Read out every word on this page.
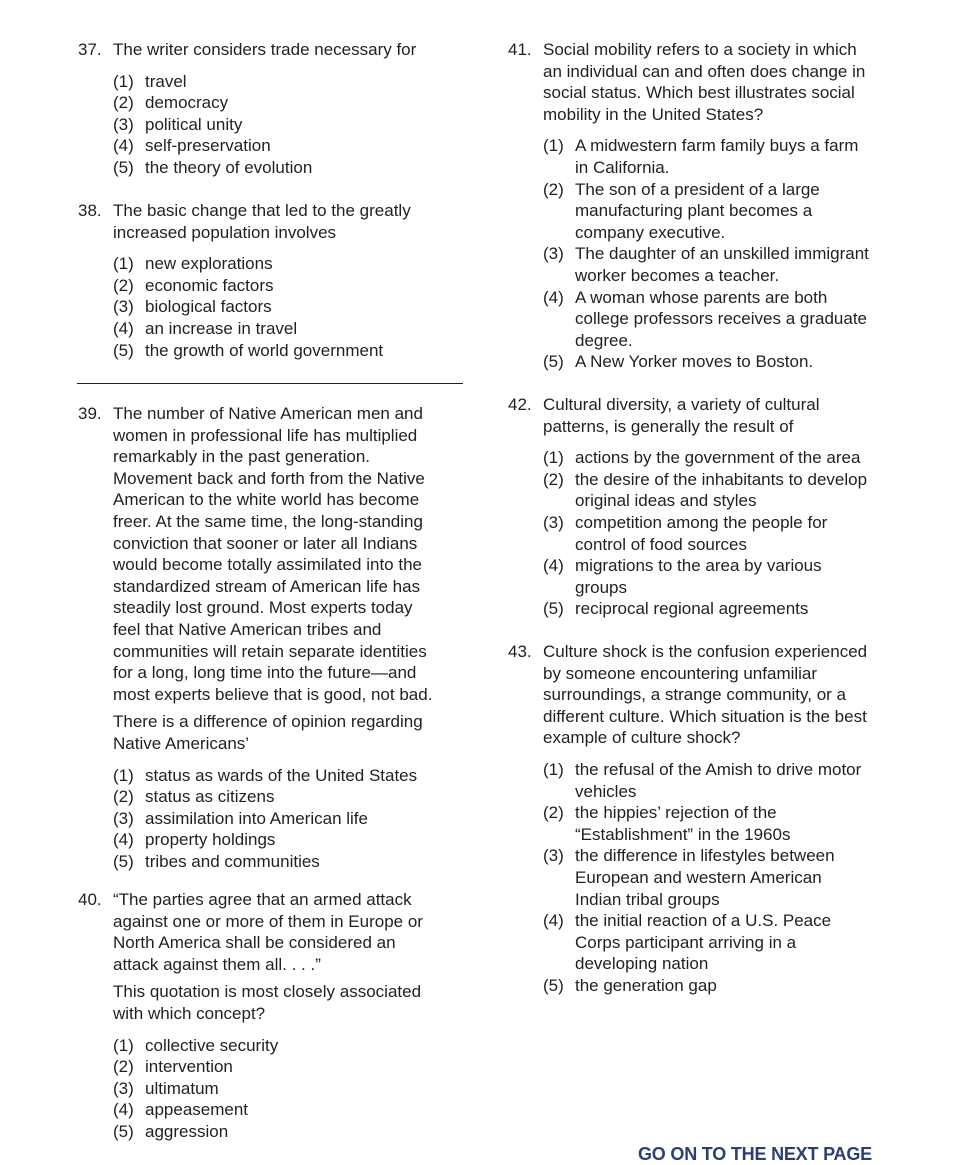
37. The writer considers trade necessary for
(1) travel
(2) democracy
(3) political unity
(4) self-preservation
(5) the theory of evolution
38. The basic change that led to the greatly
increased population involves
(1) new explorations
(2) economic factors
(3) biological factors
(4) an increase in travel
(5) the growth of world government
39. The number of Native American men and
women in professional life has multiplied
remarkably in the past generation.
Movement back and forth from the Native
American to the white world has become
freer. At the same time, the long-standing
conviction that sooner or later all Indians
would become totally assimilated into the
standardized stream of American life has
steadily lost ground. Most experts today
feel that Native American tribes and
communities will retain separate identities
for a long, long time into the future—and
most experts believe that is good, not bad.
There is a difference of opinion regarding
Native Americans’
(1) status as wards of the United States
(2) status as citizens
(3) assimilation into American life
(4) property holdings
(5) tribes and communities
40. “The parties agree that an armed attack
against one or more of them in Europe or
North America shall be considered an
attack against them all. . . .”
This quotation is most closely associated
with which concept?
(1) collective security
(2) intervention
(3) ultimatum
(4) appeasement
(5) aggression
41. Social mobility refers to a society in which
an individual can and often does change in
social status. Which best illustrates social
mobility in the United States?
(1) A midwestern farm family buys a farm
in California.
(2) The son of a president of a large
manufacturing plant becomes a
company executive.
(3) The daughter of an unskilled immigrant
worker becomes a teacher.
(4) A woman whose parents are both
college professors receives a graduate
degree.
(5) A New Yorker moves to Boston.
42. Cultural diversity, a variety of cultural
patterns, is generally the result of
(1) actions by the government of the area
(2) the desire of the inhabitants to develop
original ideas and styles
(3) competition among the people for
control of food sources
(4) migrations to the area by various
groups
(5) reciprocal regional agreements
43. Culture shock is the confusion experienced
by someone encountering unfamiliar
surroundings, a strange community, or a
different culture. Which situation is the best
example of culture shock?
(1) the refusal of the Amish to drive motor
vehicles
(2) the hippies’ rejection of the
“Establishment” in the 1960s
(3) the difference in lifestyles between
European and western American
Indian tribal groups
(4) the initial reaction of a U.S. Peace
Corps participant arriving in a
developing nation
(5) the generation gap
GO ON TO THE NEXT PAGE
